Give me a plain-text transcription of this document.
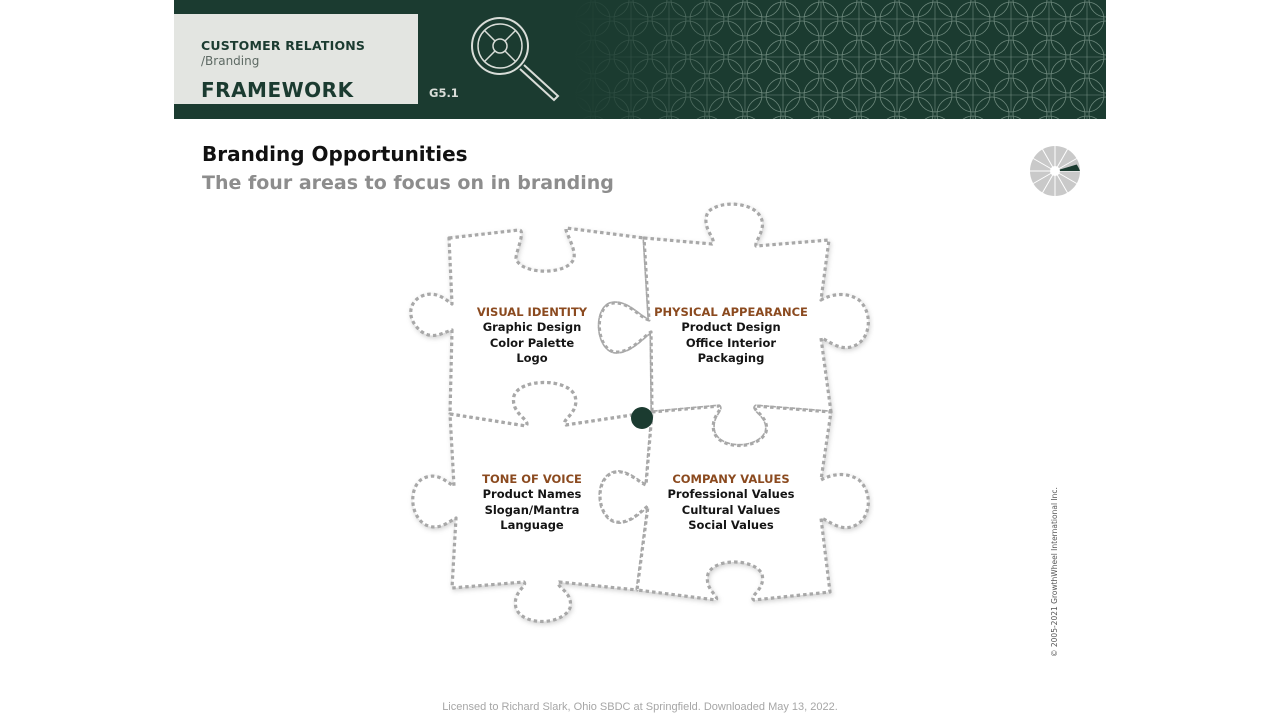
CUSTOMER RELATIONS
/Branding
FRAMEWORK
v.2.0.7
G5.1
Branding Opportunities
The four areas to focus on in branding
VISUAL IDENTITY
Graphic Design
Color Palette
Logo
PHYSICAL APPEARANCE
Product Design
Office Interior
Packaging
TONE OF VOICE
Product Names
Slogan/Mantra
Language
COMPANY VALUES
Professional Values
Cultural Values
Social Values	© 2005-2021 GrowthWheel International Inc.
Licensed to Richard Slark, Ohio SBDC at Springfield. Downloaded May 13, 2022.
